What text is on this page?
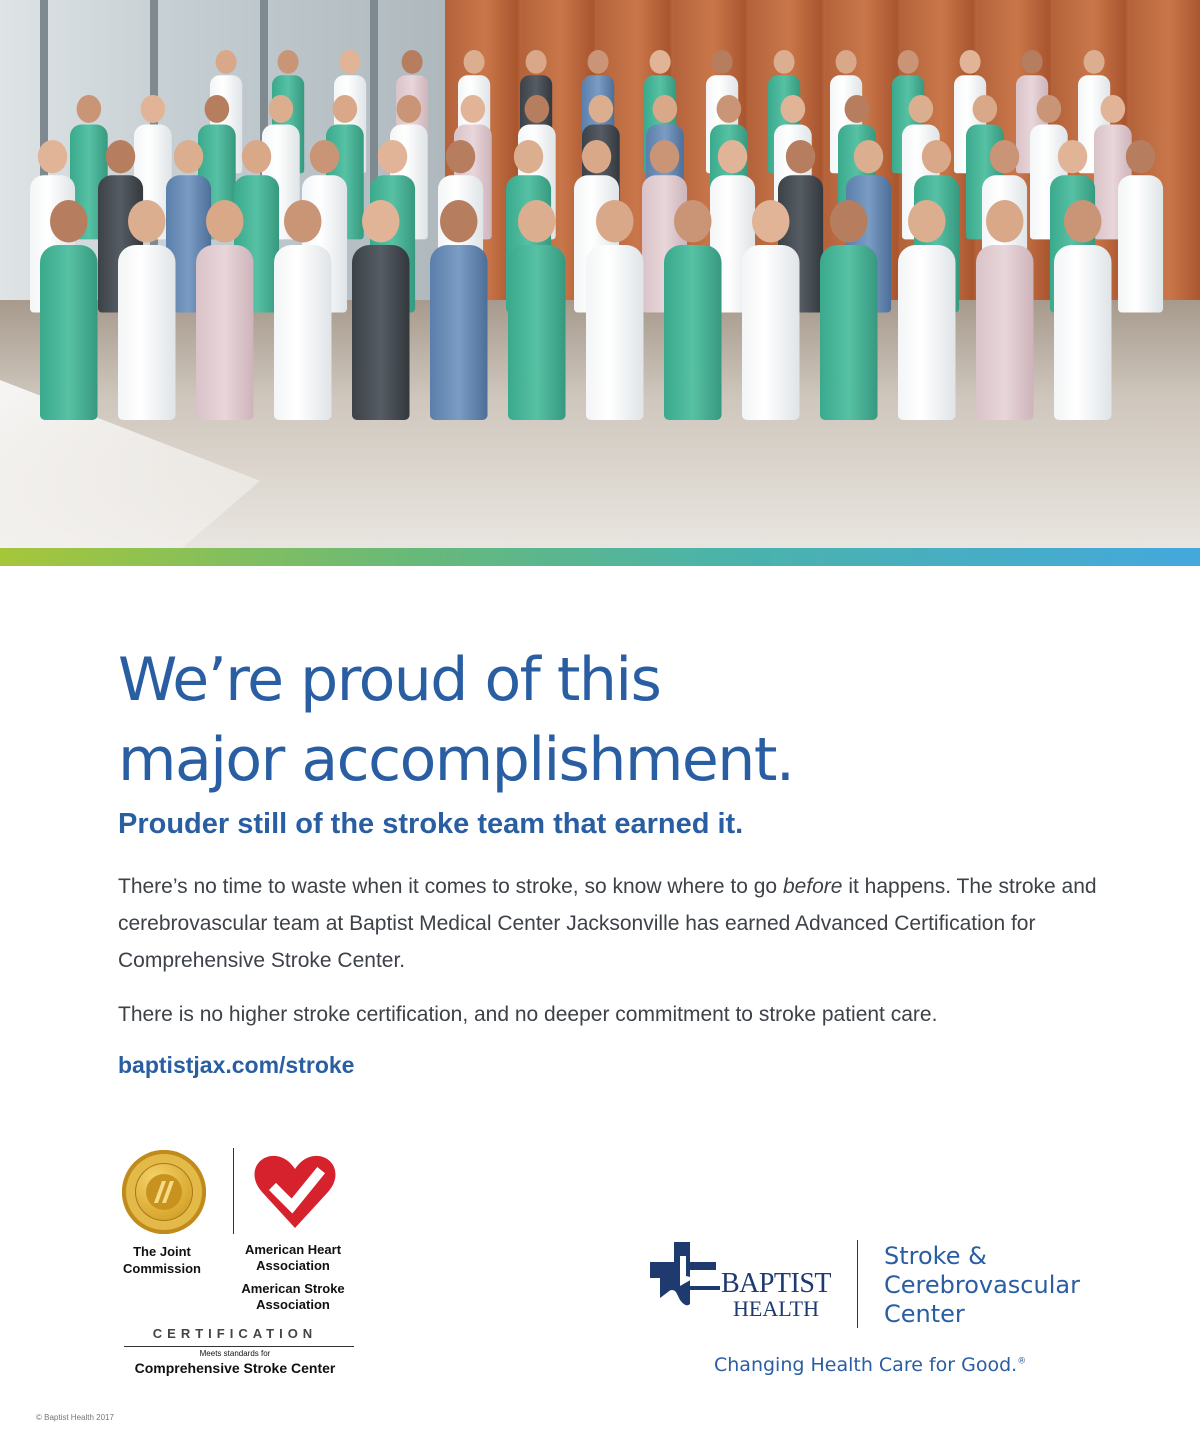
We’re proud of this
major accomplishment.
Prouder still of the stroke team that earned it.

There’s no time to waste when it comes to stroke, so know where to go before it happens. The stroke and cerebrovascular team at Baptist Medical Center Jacksonville has earned Advanced Certification for Comprehensive Stroke Center.

There is no higher stroke certification, and no deeper commitment to stroke patient care.

baptistjax.com/stroke

The Joint
Commission

American Heart
Association

American Stroke
Association

CERTIFICATION

Meets standards for

Comprehensive Stroke Center

BAPTIST

HEALTH

Stroke &
Cerebrovascular
Center

Changing Health Care for Good.®

© Baptist Health 2017
